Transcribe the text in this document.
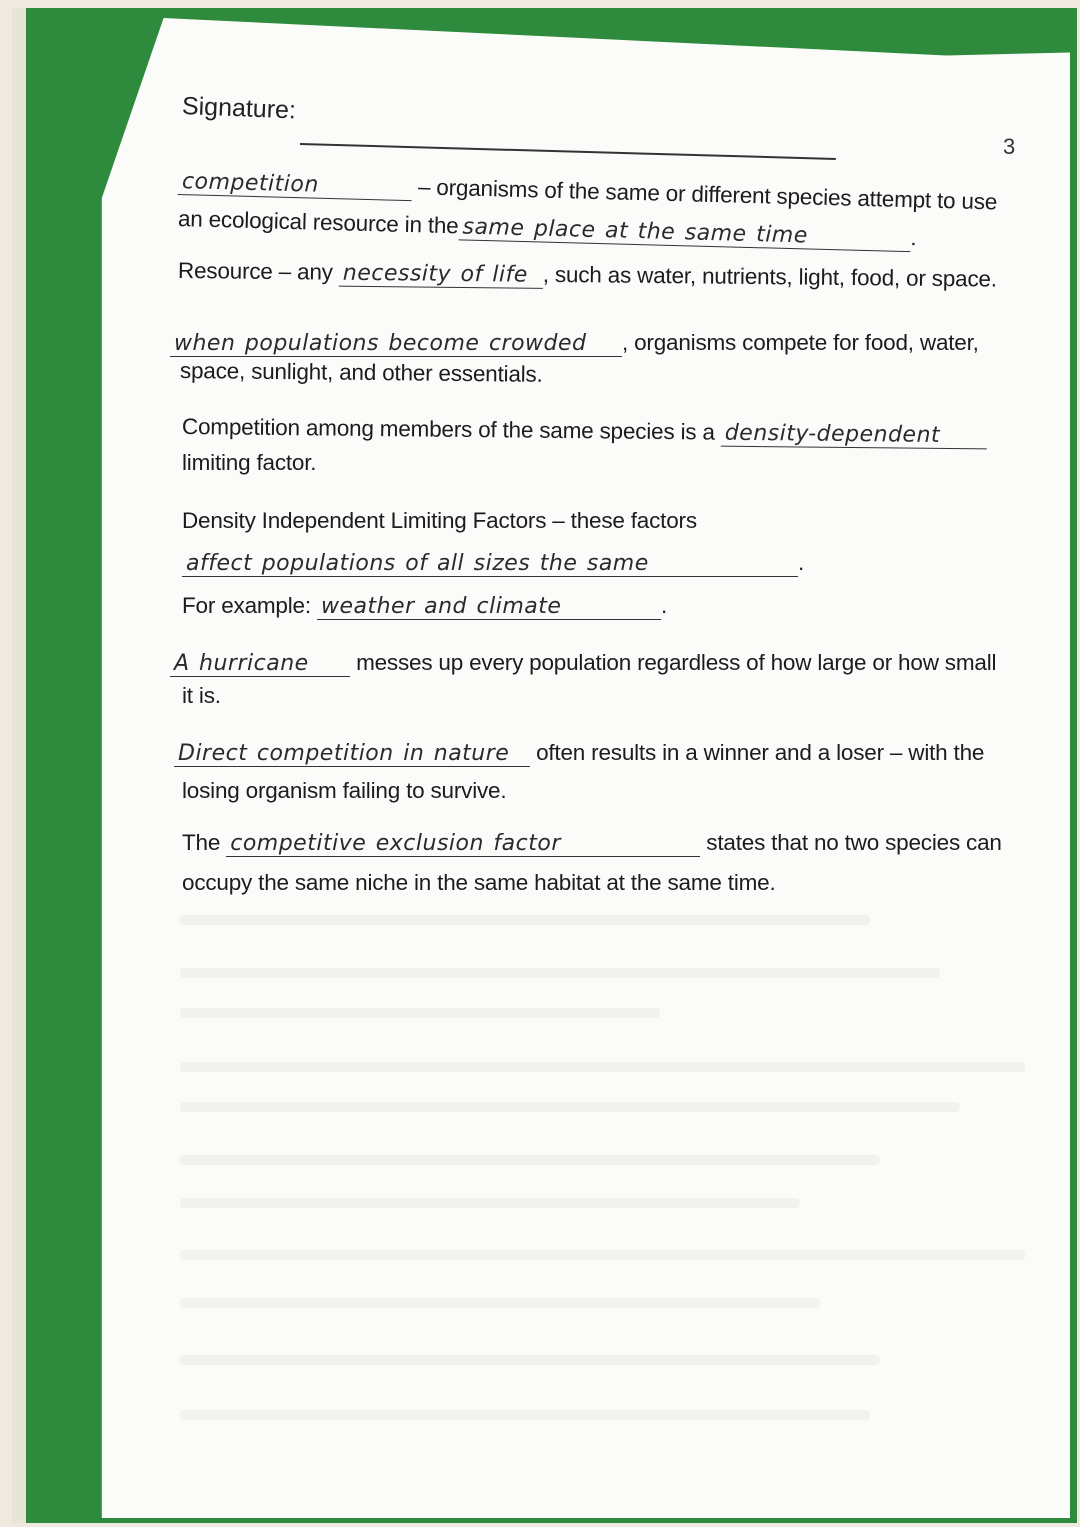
Signature:
3
competition	– organisms of the same or different species attempt to use
an ecological resource in the same place at the same time	.
Resource – any necessity of life , such as water, nutrients, light, food, or space.
when populations become crowded , organisms compete for food, water,
space, sunlight, and other essentials.
Competition among members of the same species is a density-dependent
limiting factor.
Density Independent Limiting Factors – these factors
affect populations of all sizes the same	.
For example: weather and climate	.
A hurricane messes up every population regardless of how large or how small
it is.
Direct competition in nature often results in a winner and a loser – with the
losing organism failing to survive.
The competitive exclusion factor	states that no two species can
occupy the same niche in the same habitat at the same time.
